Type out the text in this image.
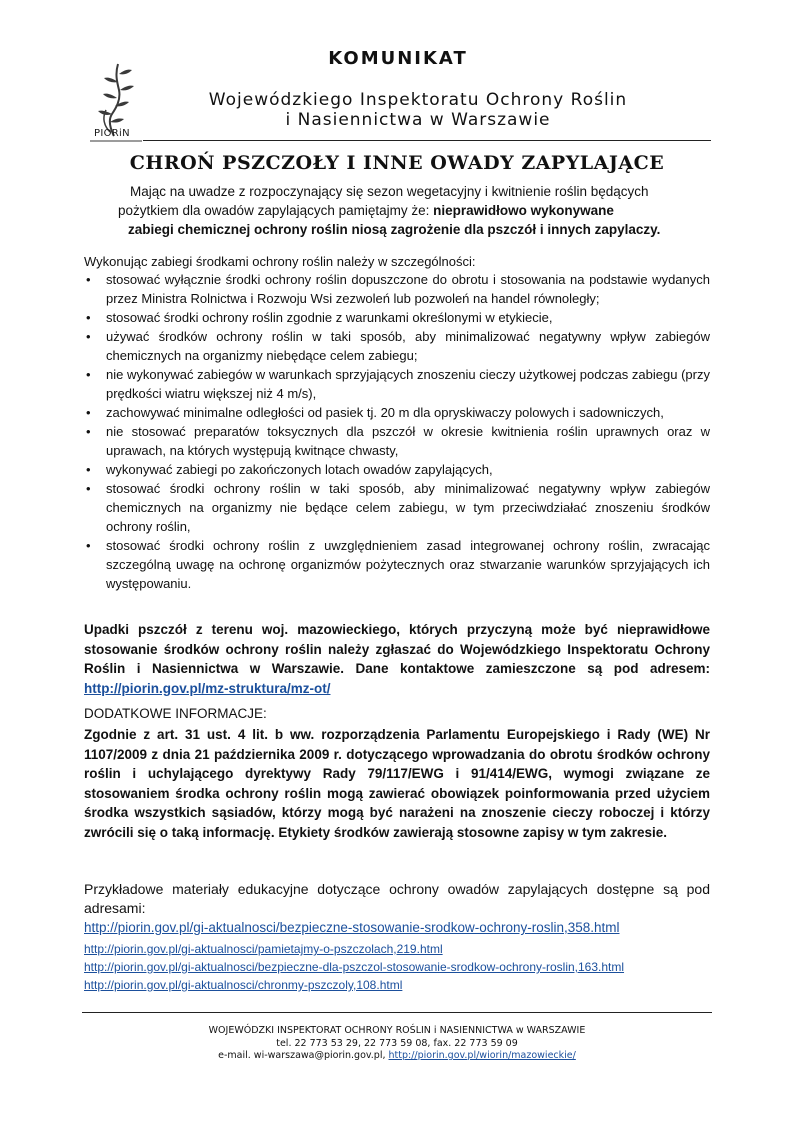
PIORiN
KOMUNIKAT
Wojewódzkiego Inspektoratu Ochrony Roślin
i Nasiennictwa w Warszawie
CHROŃ PSZCZOŁY I INNE OWADY ZAPYLAJĄCE

Mając na uwadze z rozpoczynający się sezon wegetacyjny i kwitnienie roślin będących

pożytkiem dla owadów zapylających pamiętajmy że: nieprawidłowo wykonywane

zabiegi chemicznej ochrony roślin niosą zagrożenie dla pszczół i innych zapylaczy.

Wykonując zabiegi środkami ochrony roślin należy w szczególności:
• stosować wyłącznie środki ochrony roślin dopuszczone do obrotu i stosowania na podstawie wydanych przez Ministra Rolnictwa i Rozwoju Wsi zezwoleń lub pozwoleń na handel równoległy;
• stosować środki ochrony roślin zgodnie z warunkami określonymi w etykiecie,
• używać środków ochrony roślin w taki sposób, aby minimalizować negatywny wpływ zabiegów chemicznych na organizmy niebędące celem zabiegu;
• nie wykonywać zabiegów w warunkach sprzyjających znoszeniu cieczy użytkowej podczas zabiegu (przy prędkości wiatru większej niż 4 m/s),
• zachowywać minimalne odległości od pasiek tj. 20 m dla opryskiwaczy polowych i sadowniczych,
• nie stosować preparatów toksycznych dla pszczół w okresie kwitnienia roślin uprawnych oraz w uprawach, na których występują kwitnące chwasty,
• wykonywać zabiegi po zakończonych lotach owadów zapylających,
• stosować środki ochrony roślin w taki sposób, aby minimalizować negatywny wpływ zabiegów chemicznych na organizmy nie będące celem zabiegu, w tym przeciwdziałać znoszeniu środków ochrony roślin,
• stosować środki ochrony roślin z uwzględnieniem zasad integrowanej ochrony roślin, zwracając szczególną uwagę na ochronę organizmów pożytecznych oraz stwarzanie warunków sprzyjających ich występowaniu.
Upadki pszczół z terenu woj. mazowieckiego, których przyczyną może być nieprawidłowe stosowanie środków ochrony roślin należy zgłaszać do Wojewódzkiego Inspektoratu Ochrony Roślin i Nasiennictwa w Warszawie. Dane kontaktowe zamieszczone są pod adresem: http://piorin.gov.pl/mz-struktura/mz-ot/
DODATKOWE INFORMACJE:
Zgodnie z art. 31 ust. 4 lit. b ww. rozporządzenia Parlamentu Europejskiego i Rady (WE) Nr 1107/2009 z dnia 21 października 2009 r. dotyczącego wprowadzania do obrotu środków ochrony roślin i uchylającego dyrektywy Rady 79/117/EWG i 91/414/EWG, wymogi związane ze stosowaniem środka ochrony roślin mogą zawierać obowiązek poinformowania przed użyciem środka wszystkich sąsiadów, którzy mogą być narażeni na znoszenie cieczy roboczej i którzy zwrócili się o taką informację. Etykiety środków zawierają stosowne zapisy w tym zakresie.
Przykładowe materiały edukacyjne dotyczące ochrony owadów zapylających dostępne są pod adresami:
http://piorin.gov.pl/gi-aktualnosci/bezpieczne-stosowanie-srodkow-ochrony-roslin,358.html
http://piorin.gov.pl/gi-aktualnosci/pamietajmy-o-pszczolach,219.html
http://piorin.gov.pl/gi-aktualnosci/bezpieczne-dla-pszczol-stosowanie-srodkow-ochrony-roslin,163.html
http://piorin.gov.pl/gi-aktualnosci/chronmy-pszczoly,108.html
WOJEWÓDZKI INSPEKTORAT OCHRONY ROŚLIN i NASIENNICTWA w WARSZAWIE
tel. 22 773 53 29, 22 773 59 08, fax. 22 773 59 09
e-mail. wi-warszawa@piorin.gov.pl, http://piorin.gov.pl/wiorin/mazowieckie/
